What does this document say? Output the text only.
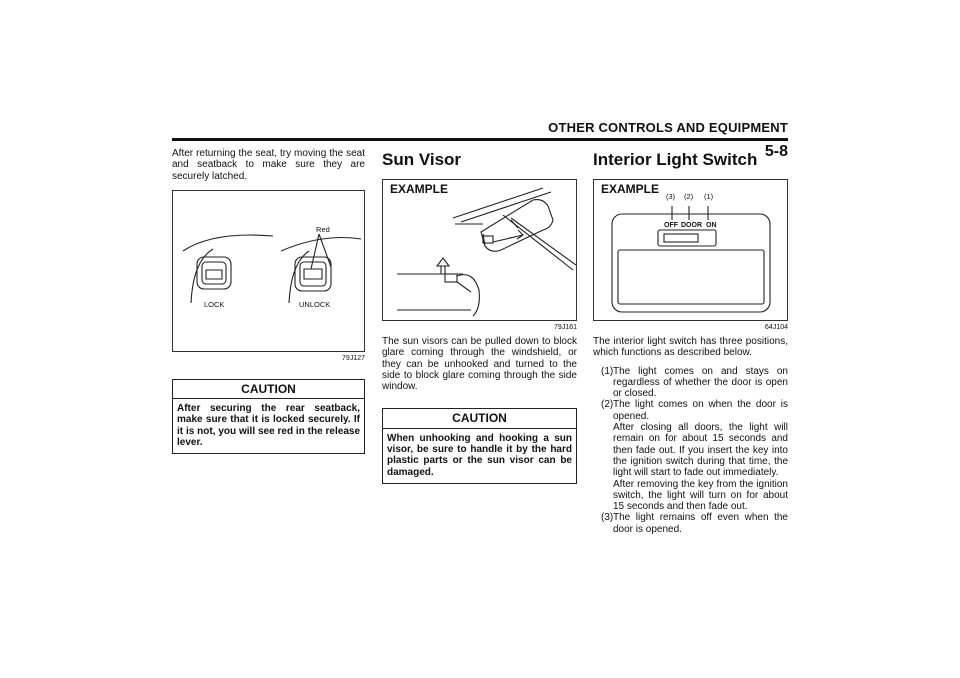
OTHER CONTROLS AND EQUIPMENT
5-8

After returning the seat, try moving the seat and seatback to make sure they are securely latched.

Red
LOCK	UNLOCK
79J127
CAUTION
After securing the rear seatback, make sure that it is locked securely. If it is not, you will see red in the release lever.
Sun Visor
EXAMPLE
79J161

The sun visors can be pulled down to block glare coming through the windshield, or they can be unhooked and turned to the side to block glare coming through the side window.

CAUTION
When unhooking and hooking a sun visor, be sure to handle it by the hard plastic parts or the sun visor can be damaged.
Interior Light Switch
EXAMPLE
(3) (2) (1)
OFF DOOR ON
64J104

The interior light switch has three positions, which functions as described below.

(1) The light comes on and stays on regardless of whether the door is open or closed.
(2) The light comes on when the door is opened.
After closing all doors, the light will remain on for about 15 seconds and then fade out. If you insert the key into the ignition switch during that time, the light will start to fade out immediately.
After removing the key from the ignition switch, the light will turn on for about 15 seconds and then fade out.
(3) The light remains off even when the door is opened.
